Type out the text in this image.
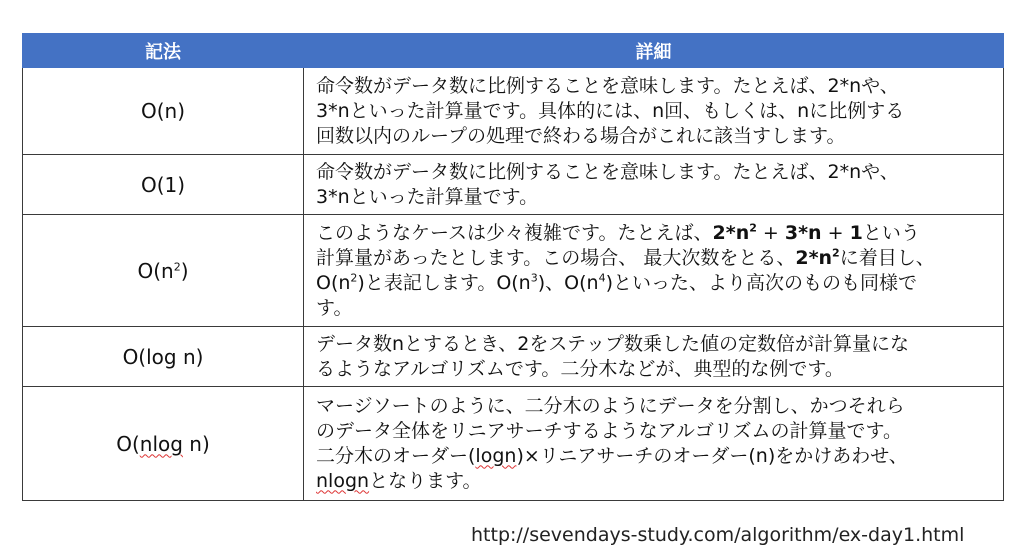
記法	詳細
O(n)	命令数がデータ数に比例することを意味します。たとえば、2*nや、
3*nといった計算量です。具体的には、n回、もしくは、nに比例する
回数以内のループの処理で終わる場合がこれに該当すします。

O(1)	命令数がデータ数に比例することを意味します。たとえば、2*nや、
3*nといった計算量です。

$O(n^2)$	このようなケースは少々複雑です。たとえば、$2*n^2 + 3*n + 1$という
計算量があったとします。この場合、 最大次数をとる、$2*n^2$に着目し、
$O(n^2)$と表記します。$O(n^3)$、$O(n^4)$といった、より高次のものも同様で
す。

O(log n)	データ数nとするとき、2をステップ数乗した値の定数倍が計算量にな
るようなアルゴリズムです。二分木などが、典型的な例です。

O(nlog n)	マージソートのように、二分木のようにデータを分割し、かつそれら
のデータ全体をリニアサーチするようなアルゴリズムの計算量です。
二分木のオーダー(logn)×リニアサーチのオーダー(n)をかけあわせ、
nlognとなります。
http://sevendays-study.com/algorithm/ex-day1.html
